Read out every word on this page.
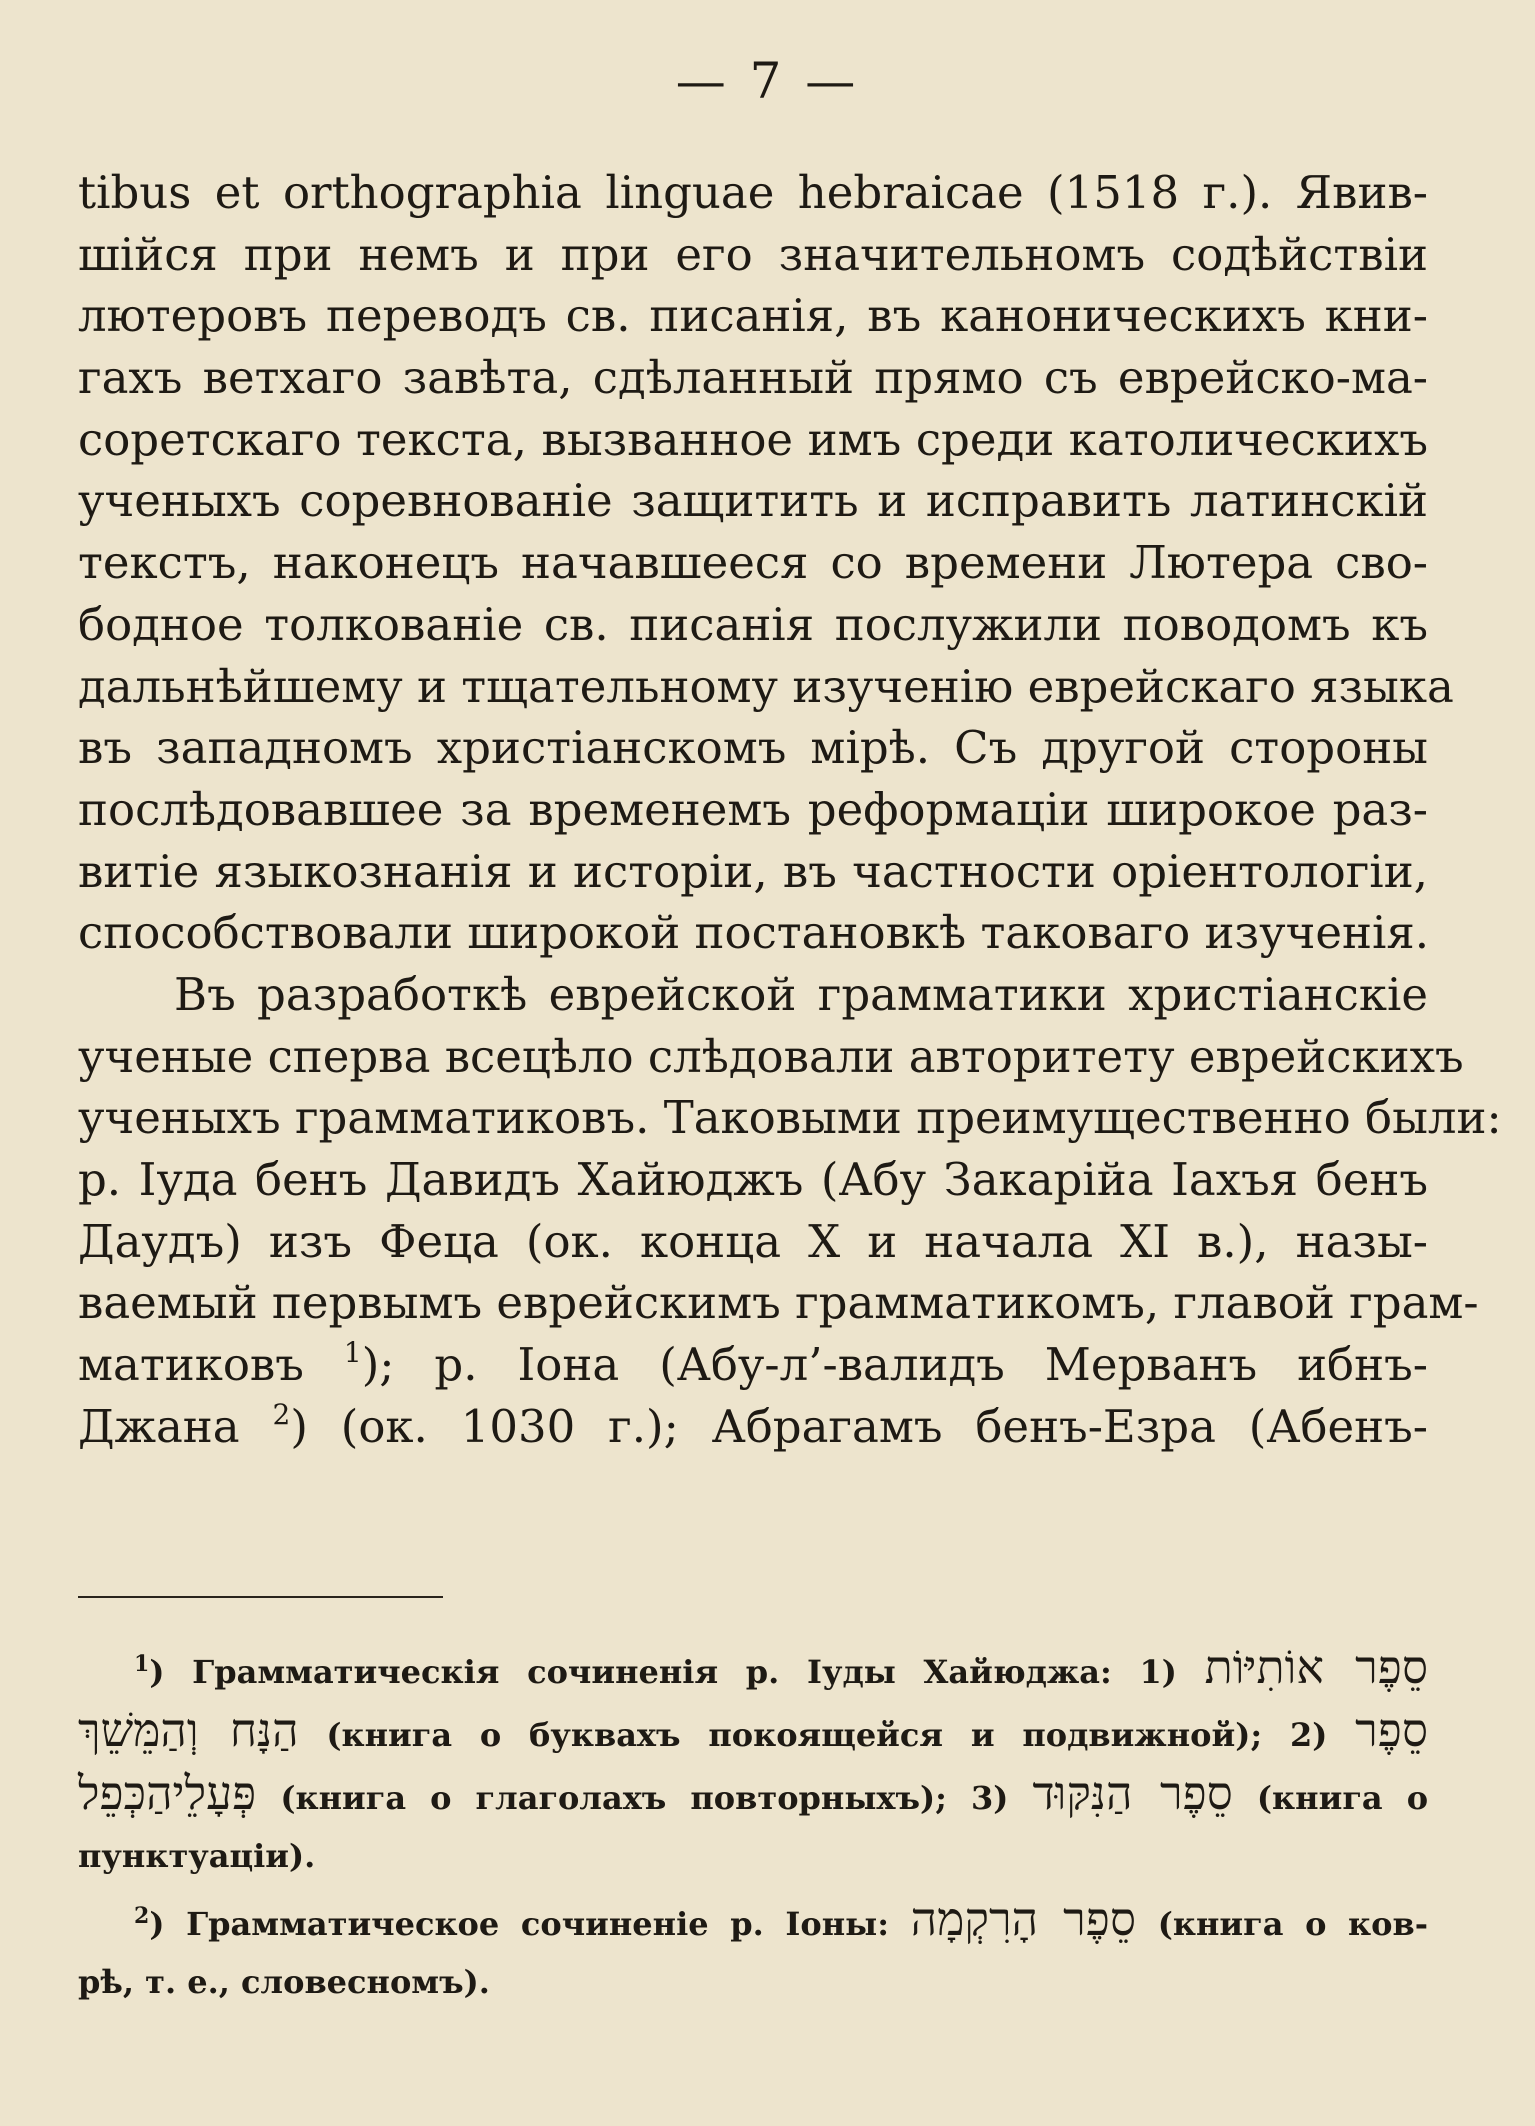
— 7 —
tibus et orthographia linguae hebraicae (1518 г.). Явив-
шійся при немъ и при его значительномъ содѣйствіи
лютеровъ переводъ св. писанія, въ каноническихъ кни-
гахъ ветхаго завѣта, сдѣланный прямо съ еврейско-ма-
соретскаго текста, вызванное имъ среди католическихъ
ученыхъ соревнованіе защитить и исправить латинскій
текстъ, наконецъ начавшееся со времени Лютера сво-
бодное толкованіе св. писанія послужили поводомъ къ
дальнѣйшему и тщательному изученію еврейскаго языка
въ западномъ христіанскомъ мірѣ. Съ другой стороны
послѣдовавшее за временемъ реформаціи широкое раз-
витіе языкознанія и исторіи, въ частности оріентологіи,
способствовали широкой постановкѣ таковаго изученія.
Въ разработкѣ еврейской грамматики христіанскіе
ученые сперва всецѣло слѣдовали авторитету еврейскихъ
ученыхъ грамматиковъ. Таковыми преимущественно были:
р. Іуда бенъ Давидъ Хайюджъ (Абу Закарійа Іахъя бенъ
Даудъ) изъ Феца (ок. конца X и начала XI в.), назы-
ваемый первымъ еврейскимъ грамматикомъ, главой грам-
матиковъ $^1$); р. Іона (Абу-л’-валидъ Мерванъ ибнъ-
Джана $^2$) (ок. 1030 г.); Абрагамъ бенъ-Езра (Абенъ-
$^1$) Грамматическія сочиненія р. Іуды Хайюджа: 1) סֵפֶר אוֹתִיּוֹת
הַנָּח וְהַמֵּשֵׁךְ (книга о буквахъ покоящейся и подвижной); 2) סֵפֶר
פְּעָלֵיהַכְּפֵל (книга о глаголахъ повторныхъ); 3) סֵפֶר הַנִּקּוּד (книга о
пунктуаціи).
$^2$) Грамматическое сочиненіе р. Іоны: סֵפֶר הָרִקְמָה (книга о ков-
рѣ, т. е., словесномъ).
